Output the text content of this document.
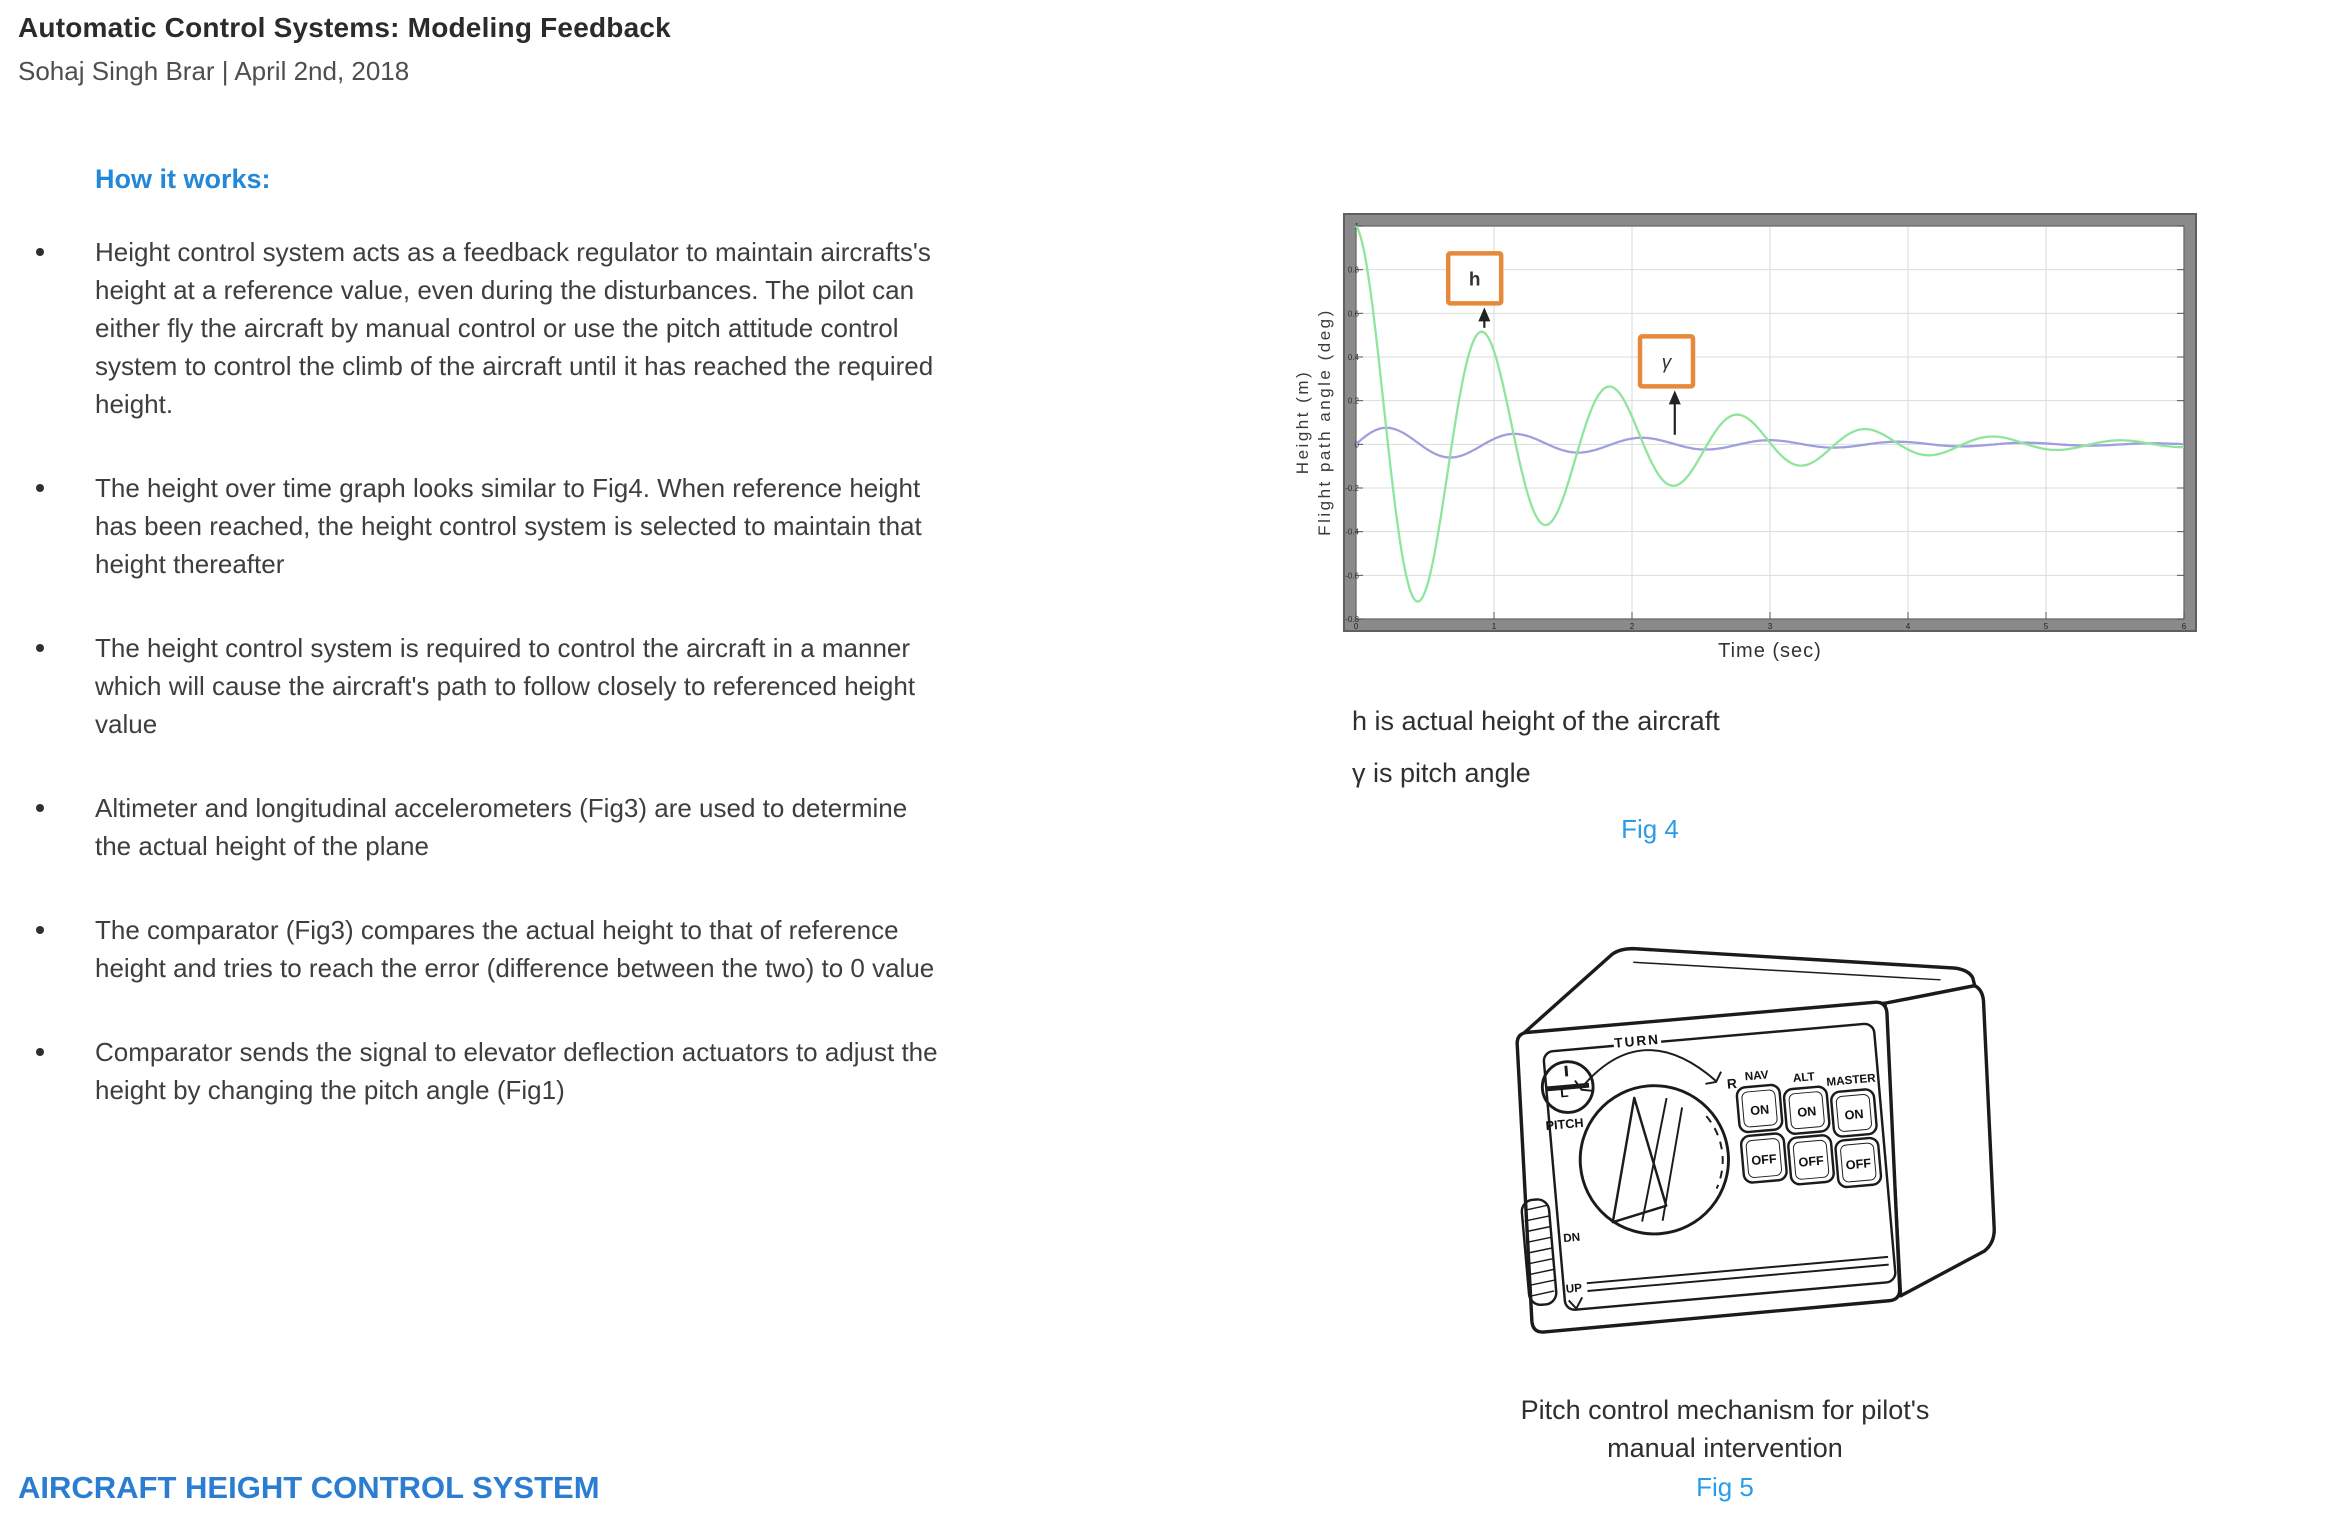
Automatic Control Systems: Modeling Feedback
Sohaj Singh Brar | April 2nd, 2018
How it works:
Height control system acts as a feedback regulator to maintain aircrafts's height at a reference value, even during the disturbances. The pilot can either fly the aircraft by manual control or use the pitch attitude control system to control the climb of the aircraft until it has reached the required height.
The height over time graph looks similar to Fig4. When reference height has been reached, the height control system is selected to maintain that height thereafter
The height control system is required to control the aircraft in a manner which will cause the aircraft's path to follow closely to referenced height value
Altimeter and longitudinal accelerometers (Fig3) are used to determine the actual height of the plane
The comparator (Fig3) compares the actual height to that of reference height and tries to reach the error (difference between the two) to 0 value
Comparator sends the signal to elevator deflection actuators to adjust the height by changing the pitch angle (Fig1)
Height (m) Flight path angle (deg)
1
0.8
0.6
0.4
0.2
0
-0.2
-0.4
-0.6
-0.8
0	1	2	3	4	5	6
h
γ
Time (sec)
h is actual height of the aircraft
γ is pitch angle
Fig 4
PITCH
TURN
L
R
DN
UP
NAV
ON
OFF
ALT
ON
OFF
MASTER
ON
OFF
Pitch control mechanism for pilot's
manual intervention
Fig 5
AIRCRAFT HEIGHT CONTROL SYSTEM
